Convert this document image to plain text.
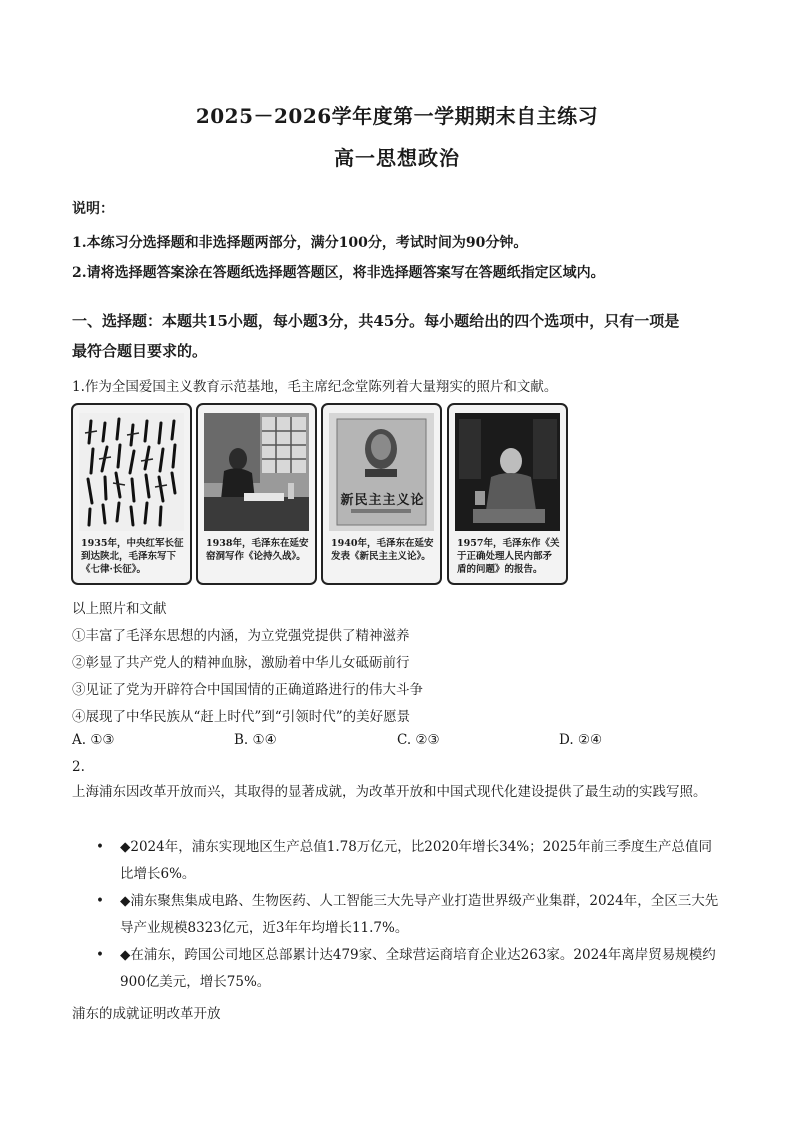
2025－2026学年度第一学期期末自主练习
高一思想政治
说明：
1.本练习分选择题和非选择题两部分，满分100分，考试时间为90分钟。
2.请将选择题答案涂在答题纸选择题答题区，将非选择题答案写在答题纸指定区域内。
一、选择题：本题共15小题，每小题3分，共45分。每小题给出的四个选项中，只有一项是
最符合题目要求的。
1.作为全国爱国主义教育示范基地，毛主席纪念堂陈列着大量翔实的照片和文献。
1935年，中央红军长征到达陕北，毛泽东写下《七律·长征》。
1938年，毛泽东在延安窑洞写作《论持久战》。
新民主主义论
1940年，毛泽东在延安发表《新民主主义论》。
1957年，毛泽东作《关于正确处理人民内部矛盾的问题》的报告。
以上照片和文献
①丰富了毛泽东思想的内涵，为立党强党提供了精神滋养
②彰显了共产党人的精神血脉，激励着中华儿女砥砺前行
③见证了党为开辟符合中国国情的正确道路进行的伟大斗争
④展现了中华民族从“赶上时代”到“引领时代”的美好愿景
A. ①③	B. ①④	C. ②③	D. ②④
2.
上海浦东因改革开放而兴，其取得的显著成就，为改革开放和中国式现代化建设提供了最生动的实践写照。
• ◆2024年，浦东实现地区生产总值1.78万亿元，比2020年增长34%；2025年前三季度生产总值同比增长6%。
• ◆浦东聚焦集成电路、生物医药、人工智能三大先导产业打造世界级产业集群，2024年，全区三大先导产业规模8323亿元，近3年年均增长11.7%。
• ◆在浦东，跨国公司地区总部累计达479家、全球营运商培育企业达263家。2024年离岸贸易规模约900亿美元，增长75%。
浦东的成就证明改革开放
